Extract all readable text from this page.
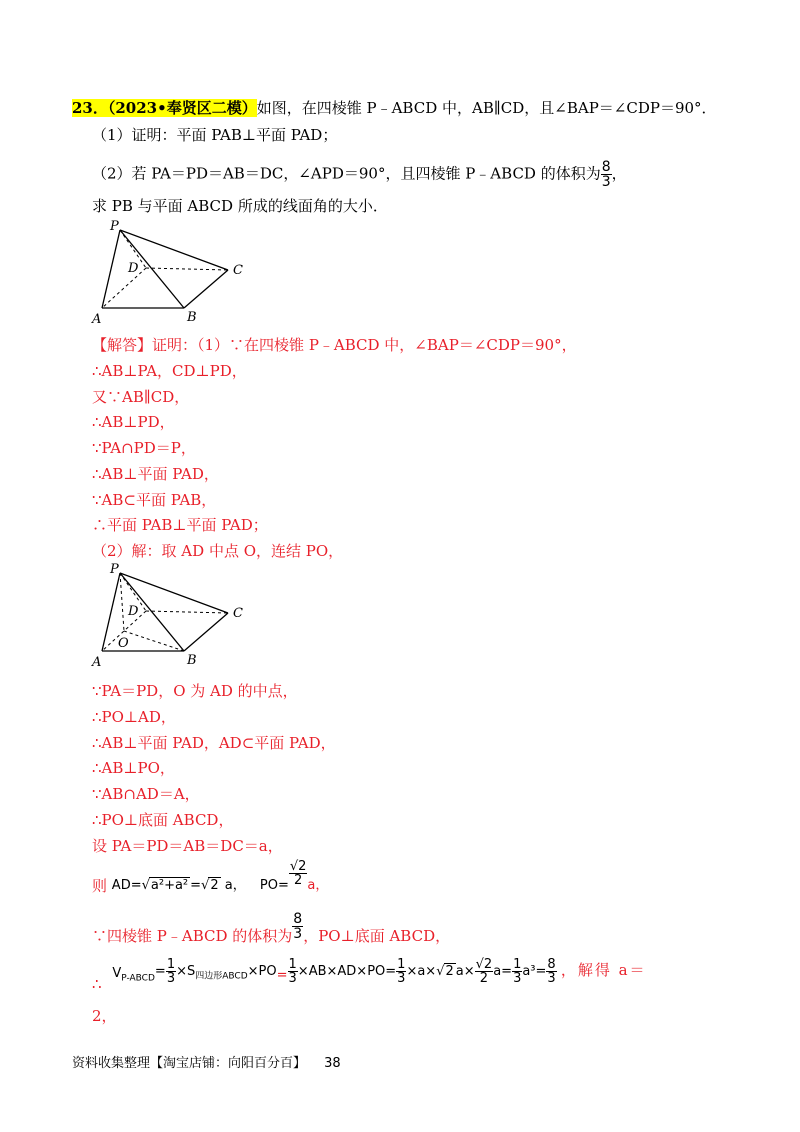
23．（2023•奉贤区二模）如图，在四棱锥 P﹣ABCD 中，AB∥CD，且∠BAP＝∠CDP＝90°．
（1）证明：平面 PAB⊥平面 PAD；
（2）若 PA＝PD＝AB＝DC，∠APD＝90°，且四棱锥 P﹣ABCD 的体积为 $\frac{8}{3}$ ，
求 PB 与平面 ABCD 所成的线面角的大小．
P
D	C
A	B
【解答】证明：（1）∵在四棱锥 P﹣ABCD 中，∠BAP＝∠CDP＝90°，
∴AB⊥PA，CD⊥PD，
又∵AB∥CD，
∴AB⊥PD，
∵PA∩PD＝P，
∴AB⊥平面 PAD，
∵AB⊂平面 PAB，
∴平面 PAB⊥平面 PAD；
（2）解：取 AD 中点 O，连结 PO，
P
D	C
A	B
O
∵PA＝PD，O 为 AD 的中点，
∴PO⊥AD，
∴AB⊥平面 PAD，AD⊂平面 PAD，
∴AB⊥PO，
∵AB∩AD＝A，
∴PO⊥底面 ABCD，
设 PA＝PD＝AB＝DC＝a，
则 AD=√a²+a² =√2 a， $PO= \frac{√2}{2}$ a，
∵四棱锥 P﹣ABCD 的体积为 $\frac{8}{3}$ ，PO⊥底面 ABCD，
∴ $V_{P-ABCD}= \frac{1}{3} \times S_{四边形ABCD}\times PO= \frac{1}{3} \times AB\times AD\times PO= \frac{1}{3} \times a\times√2$ $a\times \frac{√2}{2} a= \frac{1}{3} a^3= \frac{8}{3}$ ，解得 a＝
2，
资料收集整理【淘宝店铺：向阳百分百】 38
